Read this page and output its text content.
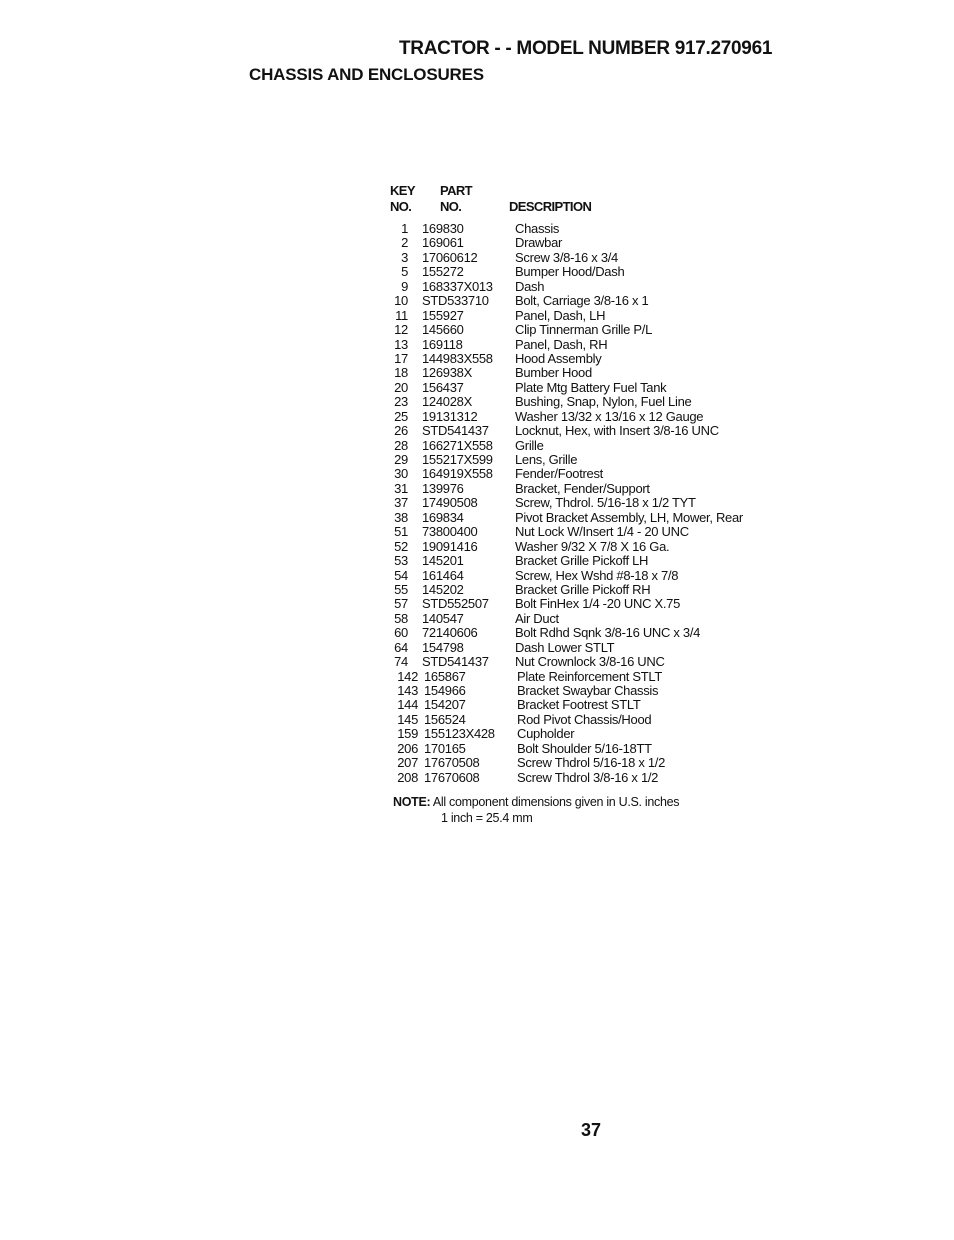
TRACTOR - - MODEL NUMBER 917.270961
CHASSIS AND ENCLOSURES
KEY
NO.
PART
NO.	DESCRIPTION
1 169830	Chassis
2 169061	Drawbar
3 17060612	Screw 3/8-16 x 3/4
5 155272	Bumper Hood/Dash
9 168337X013 Dash
10 STD533710 Bolt, Carriage 3/8-16 x 1
11 155927	Panel, Dash, LH
12 145660	Clip Tinnerman Grille P/L
13 169118	Panel, Dash, RH
17 144983X558 Hood Assembly
18 126938X	Bumber Hood
20 156437	Plate Mtg Battery Fuel Tank
23 124028X	Bushing, Snap, Nylon, Fuel Line
25 19131312	Washer 13/32 x 13/16 x 12 Gauge
26 STD541437 Locknut, Hex, with Insert 3/8-16 UNC
28 166271X558 Grille
29 155217X599 Lens, Grille
30 164919X558 Fender/Footrest
31 139976	Bracket, Fender/Support
37 17490508	Screw, Thdrol. 5/16-18 x 1/2 TYT
38 169834	Pivot Bracket Assembly, LH, Mower, Rear
51 73800400	Nut Lock W/Insert 1/4 - 20 UNC
52 19091416	Washer 9/32 X 7/8 X 16 Ga.
53 145201	Bracket Grille Pickoff LH
54 161464	Screw, Hex Wshd #8-18 x 7/8
55 145202	Bracket Grille Pickoff RH
57 STD552507 Bolt FinHex 1/4 -20 UNC X.75
58 140547	Air Duct
60 72140606	Bolt Rdhd Sqnk 3/8-16 UNC x 3/4
64 154798	Dash Lower STLT
74 STD541437 Nut Crownlock 3/8-16 UNC
142 165867	Plate Reinforcement STLT
143 154966	Bracket Swaybar Chassis
144 154207	Bracket Footrest STLT
145 156524	Rod Pivot Chassis/Hood
159 155123X428 Cupholder
206 170165	Bolt Shoulder 5/16-18TT
207 17670508	Screw Thdrol 5/16-18 x 1/2
208 17670608	Screw Thdrol 3/8-16 x 1/2
NOTE: All component dimensions given in U.S. inches
1 inch = 25.4 mm
37
